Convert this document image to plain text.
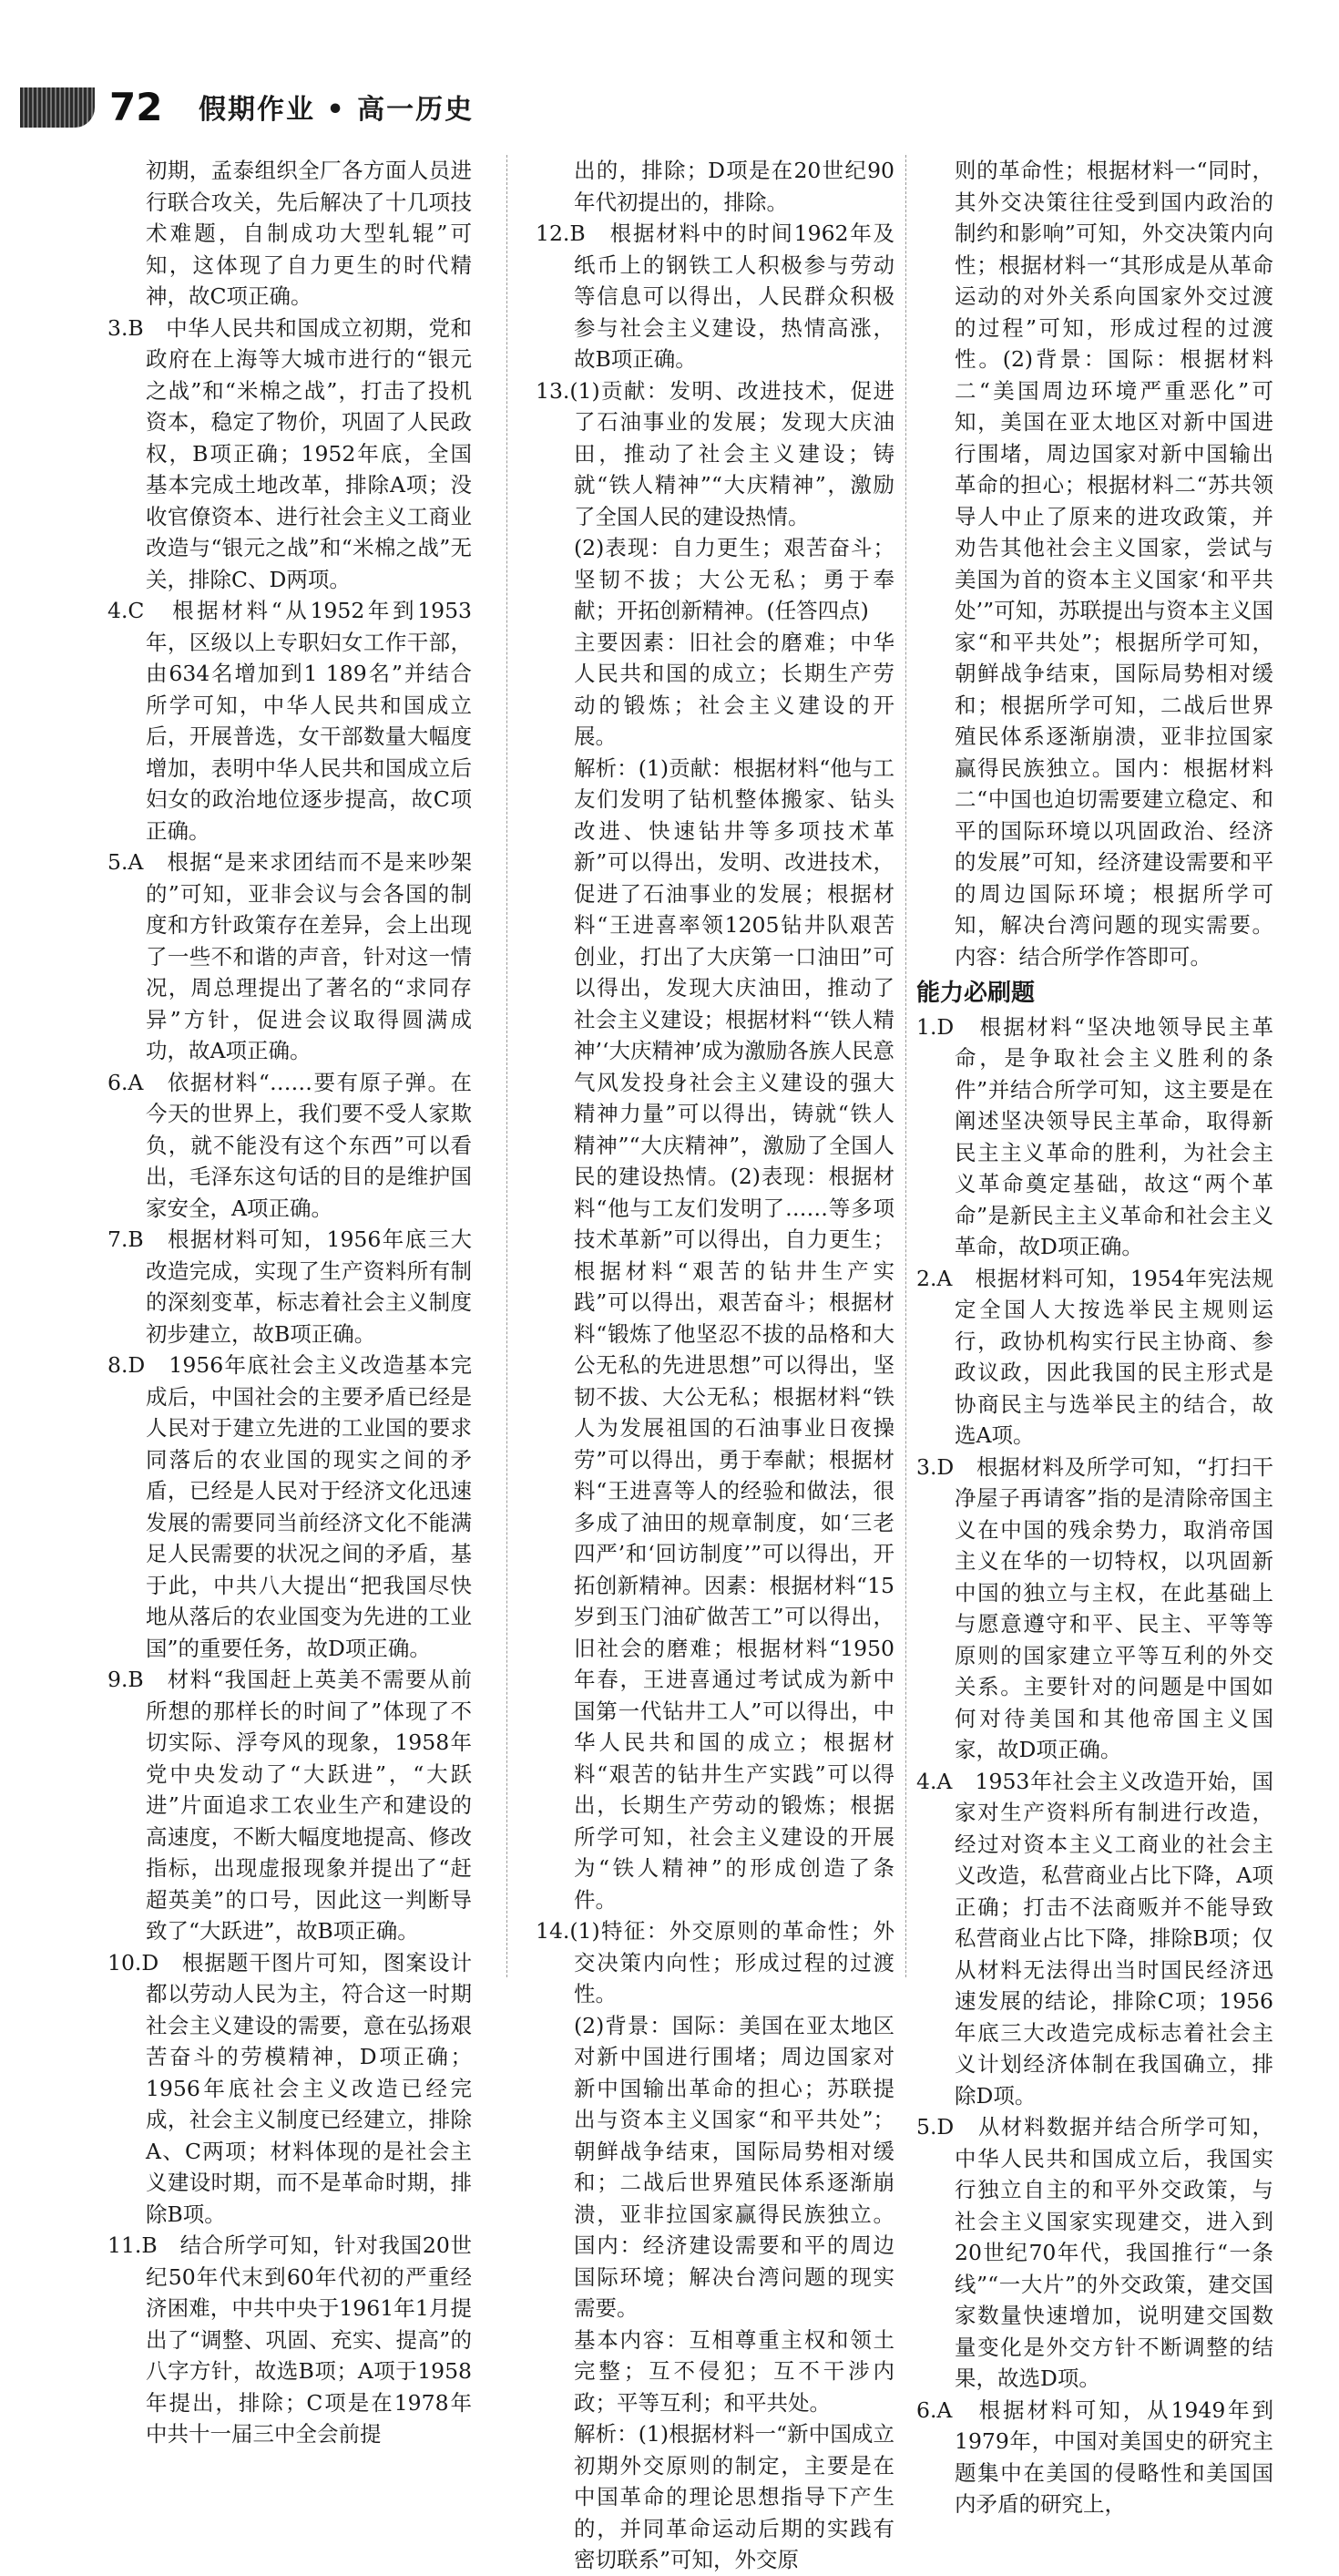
72 假期作业 • 高一历史

初期，孟泰组织全厂各方面人员进行联合攻关，先后解决了十几项技术难题，自制成功大型轧辊”可知，这体现了自力更生的时代精神，故C项正确。

3.B　中华人民共和国成立初期，党和政府在上海等大城市进行的“银元之战”和“米棉之战”，打击了投机资本，稳定了物价，巩固了人民政权，B项正确；1952年底，全国基本完成土地改革，排除A项；没收官僚资本、进行社会主义工商业改造与“银元之战”和“米棉之战”无关，排除C、D两项。

4.C　根据材料“从1952年到1953年，区级以上专职妇女工作干部，由634名增加到1 189名”并结合所学可知，中华人民共和国成立后，开展普选，女干部数量大幅度增加，表明中华人民共和国成立后妇女的政治地位逐步提高，故C项正确。

5.A　根据“是来求团结而不是来吵架的”可知，亚非会议与会各国的制度和方针政策存在差异，会上出现了一些不和谐的声音，针对这一情况，周总理提出了著名的“求同存异”方针，促进会议取得圆满成功，故A项正确。

6.A　依据材料“……要有原子弹。在今天的世界上，我们要不受人家欺负，就不能没有这个东西”可以看出，毛泽东这句话的目的是维护国家安全，A项正确。

7.B　根据材料可知，1956年底三大改造完成，实现了生产资料所有制的深刻变革，标志着社会主义制度初步建立，故B项正确。

8.D　1956年底社会主义改造基本完成后，中国社会的主要矛盾已经是人民对于建立先进的工业国的要求同落后的农业国的现实之间的矛盾，已经是人民对于经济文化迅速发展的需要同当前经济文化不能满足人民需要的状况之间的矛盾，基于此，中共八大提出“把我国尽快地从落后的农业国变为先进的工业国”的重要任务，故D项正确。

9.B　材料“我国赶上英美不需要从前所想的那样长的时间了”体现了不切实际、浮夸风的现象，1958年党中央发动了“大跃进”，“大跃进”片面追求工农业生产和建设的高速度，不断大幅度地提高、修改指标，出现虚报现象并提出了“赶超英美”的口号，因此这一判断导致了“大跃进”，故B项正确。

10.D　根据题干图片可知，图案设计都以劳动人民为主，符合这一时期社会主义建设的需要，意在弘扬艰苦奋斗的劳模精神，D项正确；1956年底社会主义改造已经完成，社会主义制度已经建立，排除A、C两项；材料体现的是社会主义建设时期，而不是革命时期，排除B项。

11.B　结合所学可知，针对我国20世纪50年代末到60年代初的严重经济困难，中共中央于1961年1月提出了“调整、巩固、充实、提高”的八字方针，故选B项；A项于1958年提出，排除；C项是在1978年中共十一届三中全会前提

出的，排除；D项是在20世纪90年代初提出的，排除。

12.B　根据材料中的时间1962年及纸币上的钢铁工人积极参与劳动等信息可以得出，人民群众积极参与社会主义建设，热情高涨，故B项正确。

13.(1)贡献：发明、改进技术，促进了石油事业的发展；发现大庆油田，推动了社会主义建设；铸就“铁人精神”“大庆精神”，激励了全国人民的建设热情。

(2)表现：自力更生；艰苦奋斗；坚韧不拔；大公无私；勇于奉献；开拓创新精神。(任答四点)

主要因素：旧社会的磨难；中华人民共和国的成立；长期生产劳动的锻炼；社会主义建设的开展。

解析：(1)贡献：根据材料“他与工友们发明了钻机整体搬家、钻头改进、快速钻井等多项技术革新”可以得出，发明、改进技术，促进了石油事业的发展；根据材料“王进喜率领1205钻井队艰苦创业，打出了大庆第一口油田”可以得出，发现大庆油田，推动了社会主义建设；根据材料“‘铁人精神’‘大庆精神’成为激励各族人民意气风发投身社会主义建设的强大精神力量”可以得出，铸就“铁人精神”“大庆精神”，激励了全国人民的建设热情。(2)表现：根据材料“他与工友们发明了……等多项技术革新”可以得出，自力更生；根据材料“艰苦的钻井生产实践”可以得出，艰苦奋斗；根据材料“锻炼了他坚忍不拔的品格和大公无私的先进思想”可以得出，坚韧不拔、大公无私；根据材料“铁人为发展祖国的石油事业日夜操劳”可以得出，勇于奉献；根据材料“王进喜等人的经验和做法，很多成了油田的规章制度，如‘三老四严’和‘回访制度’”可以得出，开拓创新精神。因素：根据材料“15岁到玉门油矿做苦工”可以得出，旧社会的磨难；根据材料“1950年春，王进喜通过考试成为新中国第一代钻井工人”可以得出，中华人民共和国的成立；根据材料“艰苦的钻井生产实践”可以得出，长期生产劳动的锻炼；根据所学可知，社会主义建设的开展为“铁人精神”的形成创造了条件。

14.(1)特征：外交原则的革命性；外交决策内向性；形成过程的过渡性。

(2)背景：国际：美国在亚太地区对新中国进行围堵；周边国家对新中国输出革命的担心；苏联提出与资本主义国家“和平共处”；朝鲜战争结束，国际局势相对缓和；二战后世界殖民体系逐渐崩溃，亚非拉国家赢得民族独立。国内：经济建设需要和平的周边国际环境；解决台湾问题的现实需要。

基本内容：互相尊重主权和领土完整；互不侵犯；互不干涉内政；平等互利；和平共处。

解析：(1)根据材料一“新中国成立初期外交原则的制定，主要是在中国革命的理论思想指导下产生的，并同革命运动后期的实践有密切联系”可知，外交原

则的革命性；根据材料一“同时，其外交决策往往受到国内政治的制约和影响”可知，外交决策内向性；根据材料一“其形成是从革命运动的对外关系向国家外交过渡的过程”可知，形成过程的过渡性。(2)背景：国际：根据材料二“美国周边环境严重恶化”可知，美国在亚太地区对新中国进行围堵，周边国家对新中国输出革命的担心；根据材料二“苏共领导人中止了原来的进攻政策，并劝告其他社会主义国家，尝试与美国为首的资本主义国家‘和平共处’”可知，苏联提出与资本主义国家“和平共处”；根据所学可知，朝鲜战争结束，国际局势相对缓和；根据所学可知，二战后世界殖民体系逐渐崩溃，亚非拉国家赢得民族独立。国内：根据材料二“中国也迫切需要建立稳定、和平的国际环境以巩固政治、经济的发展”可知，经济建设需要和平的周边国际环境；根据所学可知，解决台湾问题的现实需要。内容：结合所学作答即可。

能力必刷题

1.D　根据材料“坚决地领导民主革命，是争取社会主义胜利的条件”并结合所学可知，这主要是在阐述坚决领导民主革命，取得新民主主义革命的胜利，为社会主义革命奠定基础，故这“两个革命”是新民主主义革命和社会主义革命，故D项正确。

2.A　根据材料可知，1954年宪法规定全国人大按选举民主规则运行，政协机构实行民主协商、参政议政，因此我国的民主形式是协商民主与选举民主的结合，故选A项。

3.D　根据材料及所学可知，“打扫干净屋子再请客”指的是清除帝国主义在中国的残余势力，取消帝国主义在华的一切特权，以巩固新中国的独立与主权，在此基础上与愿意遵守和平、民主、平等等原则的国家建立平等互利的外交关系。主要针对的问题是中国如何对待美国和其他帝国主义国家，故D项正确。

4.A　1953年社会主义改造开始，国家对生产资料所有制进行改造，经过对资本主义工商业的社会主义改造，私营商业占比下降，A项正确；打击不法商贩并不能导致私营商业占比下降，排除B项；仅从材料无法得出当时国民经济迅速发展的结论，排除C项；1956年底三大改造完成标志着社会主义计划经济体制在我国确立，排除D项。

5.D　从材料数据并结合所学可知，中华人民共和国成立后，我国实行独立自主的和平外交政策，与社会主义国家实现建交，进入到20世纪70年代，我国推行“一条线”“一大片”的外交政策，建交国家数量快速增加，说明建交国数量变化是外交方针不断调整的结果，故选D项。

6.A　根据材料可知，从1949年到1979年，中国对美国史的研究主题集中在美国的侵略性和美国国内矛盾的研究上，
